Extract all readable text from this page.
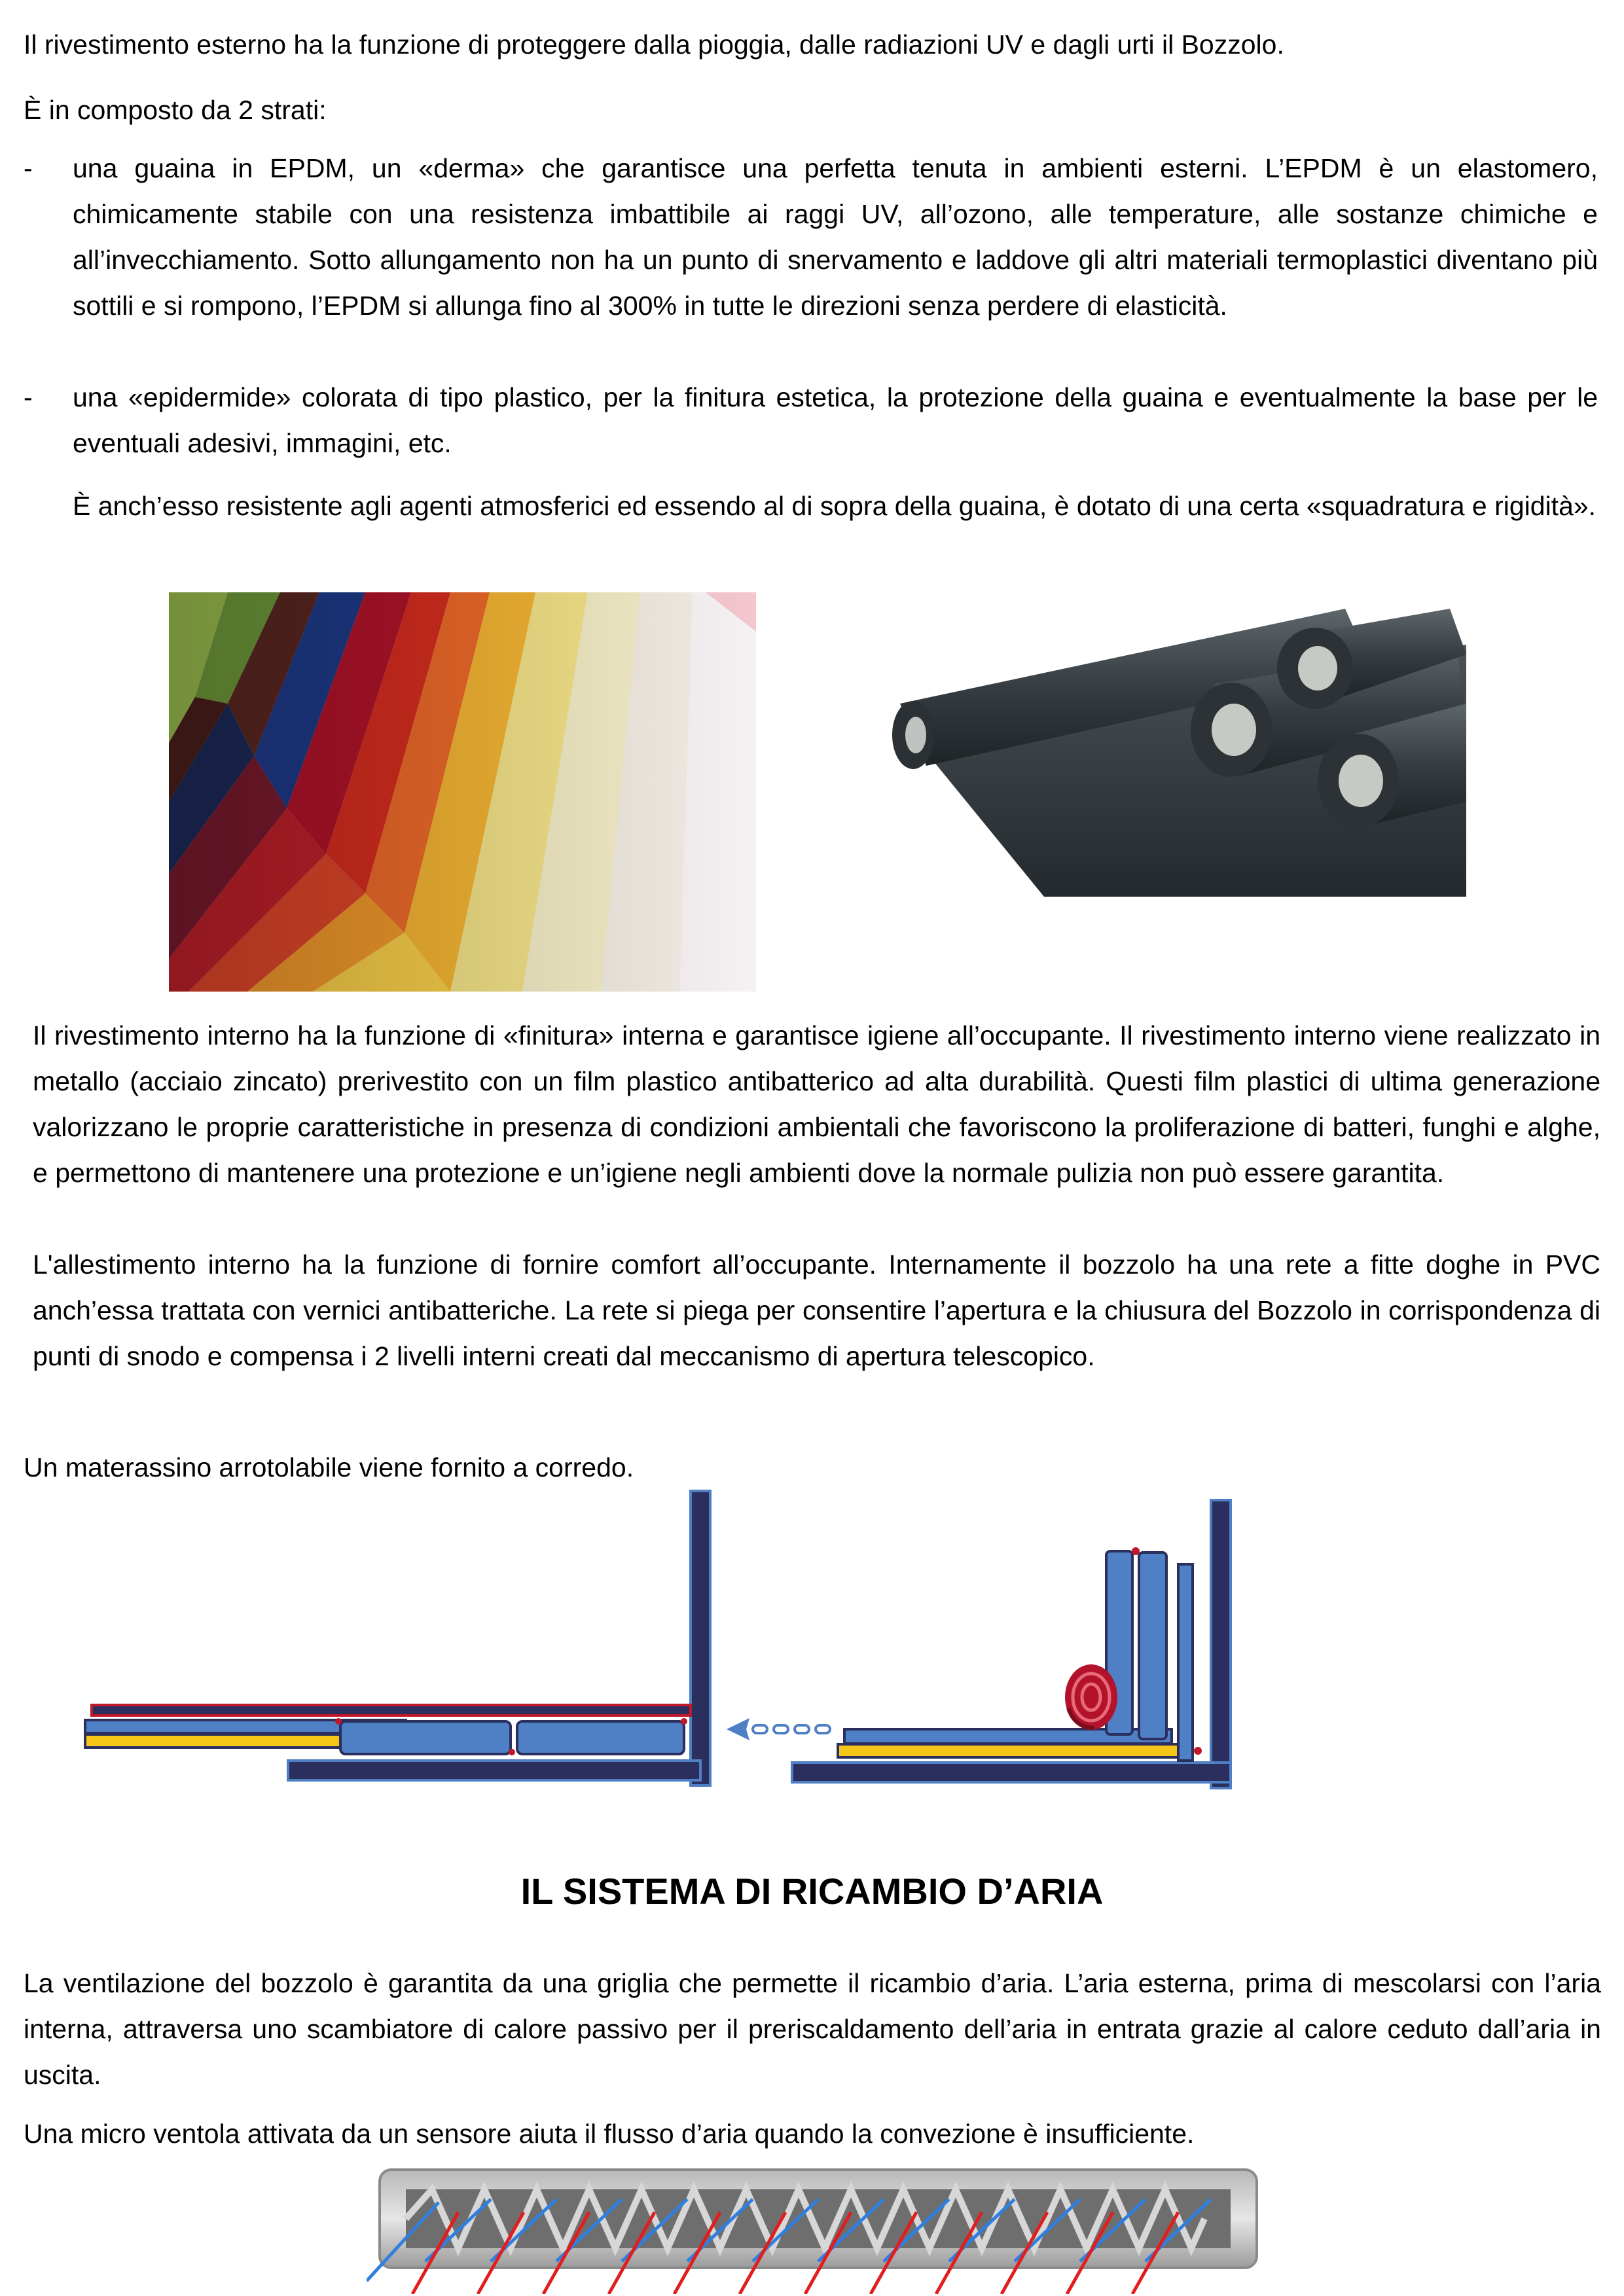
Il rivestimento esterno ha la funzione di proteggere dalla pioggia, dalle radiazioni UV e dagli urti il Bozzolo.

È in composto da 2 strati:

- una guaina in EPDM, un «derma» che garantisce una perfetta tenuta in ambienti esterni. L’EPDM è un elastomero, chimicamente stabile con una resistenza imbattibile ai raggi UV, all’ozono, alle temperature, alle sostanze chimiche e all’invecchiamento. Sotto allungamento non ha un punto di snervamento e laddove gli altri materiali termoplastici diventano più sottili e si rompono, l’EPDM si allunga fino al 300% in tutte le direzioni senza perdere di elasticità.

- una «epidermide» colorata di tipo plastico, per la finitura estetica, la protezione della guaina e eventualmente la base per le eventuali adesivi, immagini, etc.

È anch’esso resistente agli agenti atmosferici ed essendo al di sopra della guaina, è dotato di una certa «squadratura e rigidità».

Il rivestimento interno ha la funzione di «finitura» interna e garantisce igiene all’occupante. Il rivestimento interno viene realizzato in metallo (acciaio zincato) prerivestito con un film plastico antibatterico ad alta durabilità. Questi film plastici di ultima generazione valorizzano le proprie caratteristiche in presenza di condizioni ambientali che favoriscono la proliferazione di batteri, funghi e alghe, e permettono di mantenere una protezione e un’igiene negli ambienti dove la normale pulizia non può essere garantita.

L'allestimento interno ha la funzione di fornire comfort all’occupante. Internamente il bozzolo ha una rete a fitte doghe in PVC anch’essa trattata con vernici antibatteriche. La rete si piega per consentire l’apertura e la chiusura del Bozzolo in corrispondenza di punti di snodo e compensa i 2 livelli interni creati dal meccanismo di apertura telescopico.

Un materassino arrotolabile viene fornito a corredo.

IL SISTEMA DI RICAMBIO D’ARIA

La ventilazione del bozzolo è garantita da una griglia che permette il ricambio d’aria. L’aria esterna, prima di mescolarsi con l’aria interna, attraversa uno scambiatore di calore passivo per il preriscaldamento dell’aria in entrata grazie al calore ceduto dall’aria in uscita.

Una micro ventola attivata da un sensore aiuta il flusso d’aria quando la convezione è insufficiente.
